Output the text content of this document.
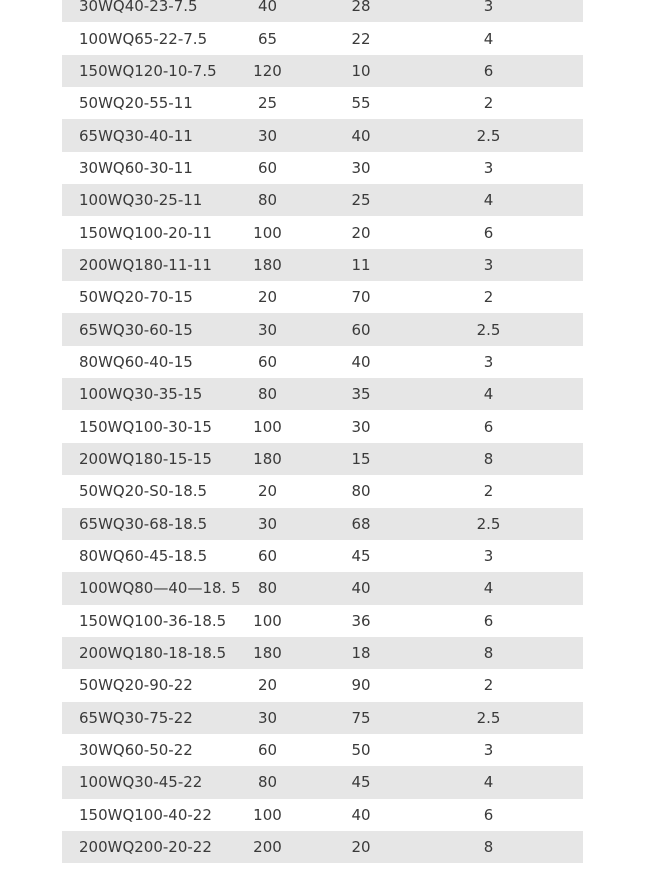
30WQ40-23-7.5	40	28	3	
100WQ65-22-7.5	65	22	4	
150WQ120-10-7.5	120	10	6	
50WQ20-55-11	25	55	2	
65WQ30-40-11	30	40	2.5	
30WQ60-30-11	60	30	3	
100WQ30-25-11	80	25	4	
150WQ100-20-11	100	20	6	
200WQ180-11-11	180	11	3	
50WQ20-70-15	20	70	2	
65WQ30-60-15	30	60	2.5	
80WQ60-40-15	60	40	3	
100WQ30-35-15	80	35	4	
150WQ100-30-15	100	30	6	
200WQ180-15-15	180	15	8	
50WQ20-S0-18.5	20	80	2	
65WQ30-68-18.5	30	68	2.5	
80WQ60-45-18.5	60	45	3	
100WQ80—40—18. 5	80	40	4	
150WQ100-36-18.5	100	36	6	
200WQ180-18-18.5	180	18	8	
50WQ20-90-22	20	90	2	
65WQ30-75-22	30	75	2.5	
30WQ60-50-22	60	50	3	
100WQ30-45-22	80	45	4	
150WQ100-40-22	100	40	6	
200WQ200-20-22	200	20	8	
